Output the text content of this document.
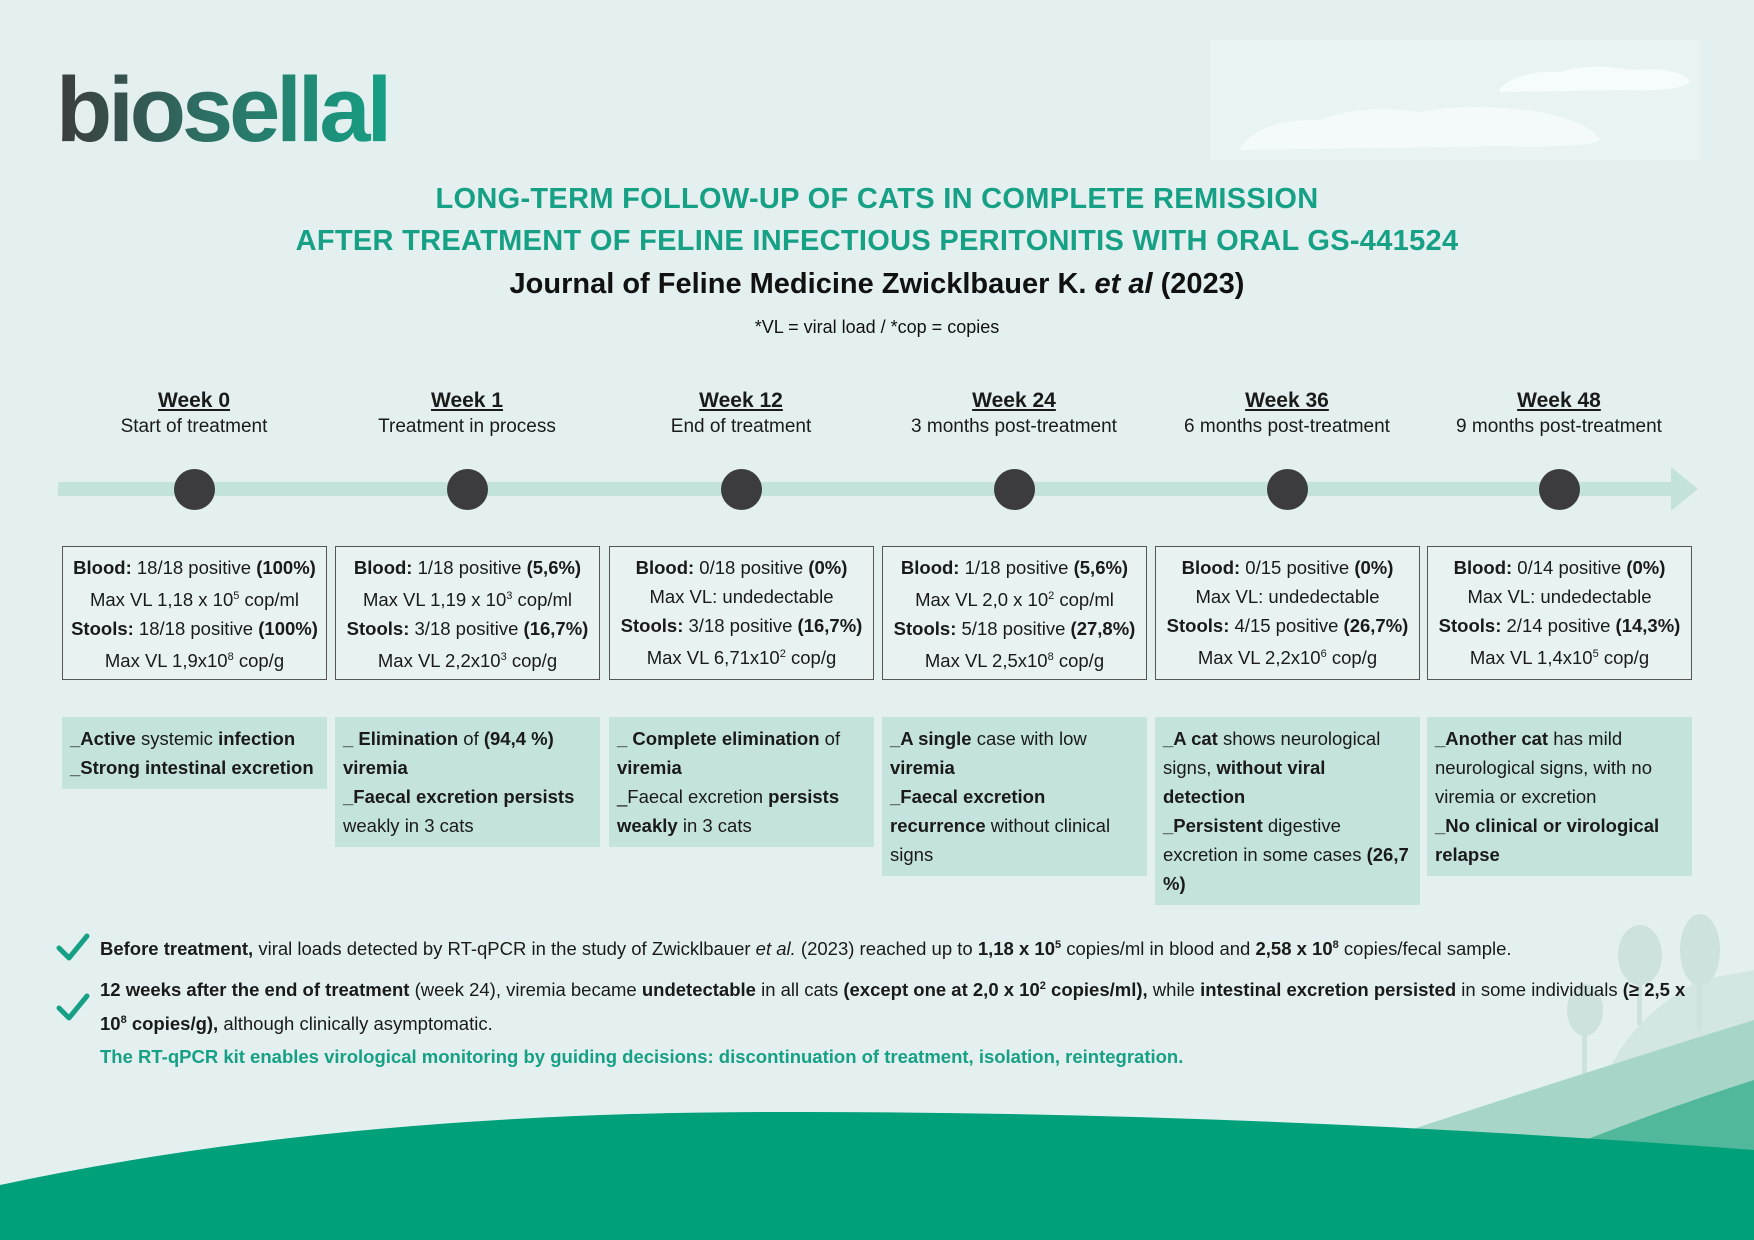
biosellal
LONG-TERM FOLLOW-UP OF CATS IN COMPLETE REMISSION
AFTER TREATMENT OF FELINE INFECTIOUS PERITONITIS WITH ORAL GS-441524
Journal of Feline Medicine Zwicklbauer K. et al (2023)
*VL = viral load / *cop = copies
Week 0
Start of treatment
Blood: 18/18 positive (100%)
Max VL 1,18 x $10^5$ cop/ml
Stools: 18/18 positive (100%)
Max VL $1,9x10^8$ cop/g
_Active systemic infection
_Strong intestinal excretion
Week 1
Treatment in process
Blood: 1/18 positive (5,6%)
Max VL 1,19 x $10^3$ cop/ml
Stools: 3/18 positive (16,7%)
Max VL $2,2x10^3$ cop/g
_ Elimination of (94,4 %) viremia
_Faecal excretion persists weakly in 3 cats
Week 12
End of treatment
Blood: 0/18 positive (0%)
Max VL: undedectable
Stools: 3/18 positive (16,7%)
Max VL $6,71x10^2$ cop/g
_ Complete elimination of viremia
_Faecal excretion persists weakly in 3 cats
Week 24
3 months post-treatment
Blood: 1/18 positive (5,6%)
Max VL 2,0 x $10^2$ cop/ml
Stools: 5/18 positive (27,8%)
Max VL $2,5x10^8$ cop/g
_A single case with low viremia
_Faecal excretion recurrence without clinical signs
Week 36
6 months post-treatment
Blood: 0/15 positive (0%)
Max VL: undedectable
Stools: 4/15 positive (26,7%)
Max VL $2,2x10^6$ cop/g
_A cat shows neurological signs, without viral detection
_Persistent digestive excretion in some cases (26,7 %)
Week 48
9 months post-treatment
Blood: 0/14 positive (0%)
Max VL: undedectable
Stools: 2/14 positive (14,3%)
Max VL $1,4x10^5$ cop/g
_Another cat has mild neurological signs, with no viremia or excretion
_No clinical or virological relapse
Before treatment, viral loads detected by RT-qPCR in the study of Zwicklbauer et al. (2023) reached up to 1,18 x $10^5$ copies/ml in blood and 2,58 x $10^8$ copies/fecal sample.
12 weeks after the end of treatment (week 24), viremia became undetectable in all cats (except one at 2,0 x $10^2$ copies/ml), while intestinal excretion persisted in some individuals (≥ 2,5 x $10^8$ copies/g), although clinically asymptomatic.
The RT-qPCR kit enables virological monitoring by guiding decisions: discontinuation of treatment, isolation, reintegration.
